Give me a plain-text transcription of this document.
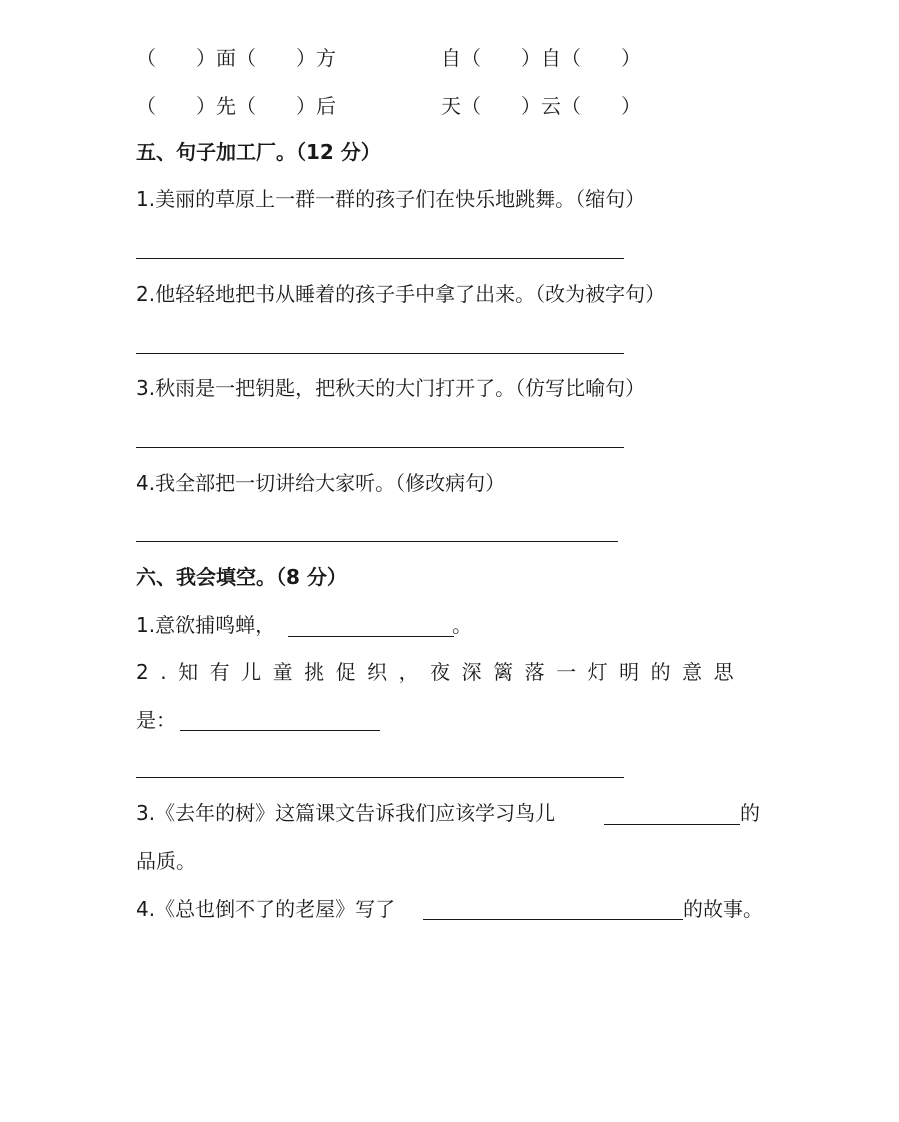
（　　）面（　　）方	自（　　）自（　　）
（　　）先（　　）后	天（　　）云（　　）
五、句子加工厂。（12 分）
1.美丽的草原上一群一群的孩子们在快乐地跳舞。（缩句）
2.他轻轻地把书从睡着的孩子手中拿了出来。（改为被字句）
3.秋雨是一把钥匙，把秋天的大门打开了。（仿写比喻句）
4.我全部把一切讲给大家听。（修改病句）
六、我会填空。（8 分）
1.意欲捕鸣蝉，	。
2.知有儿童挑促织，夜深篱落一灯明的意思
是：
3.《去年的树》这篇课文告诉我们应该学习鸟儿	的
品质。
4.《总也倒不了的老屋》写了	的故事。
